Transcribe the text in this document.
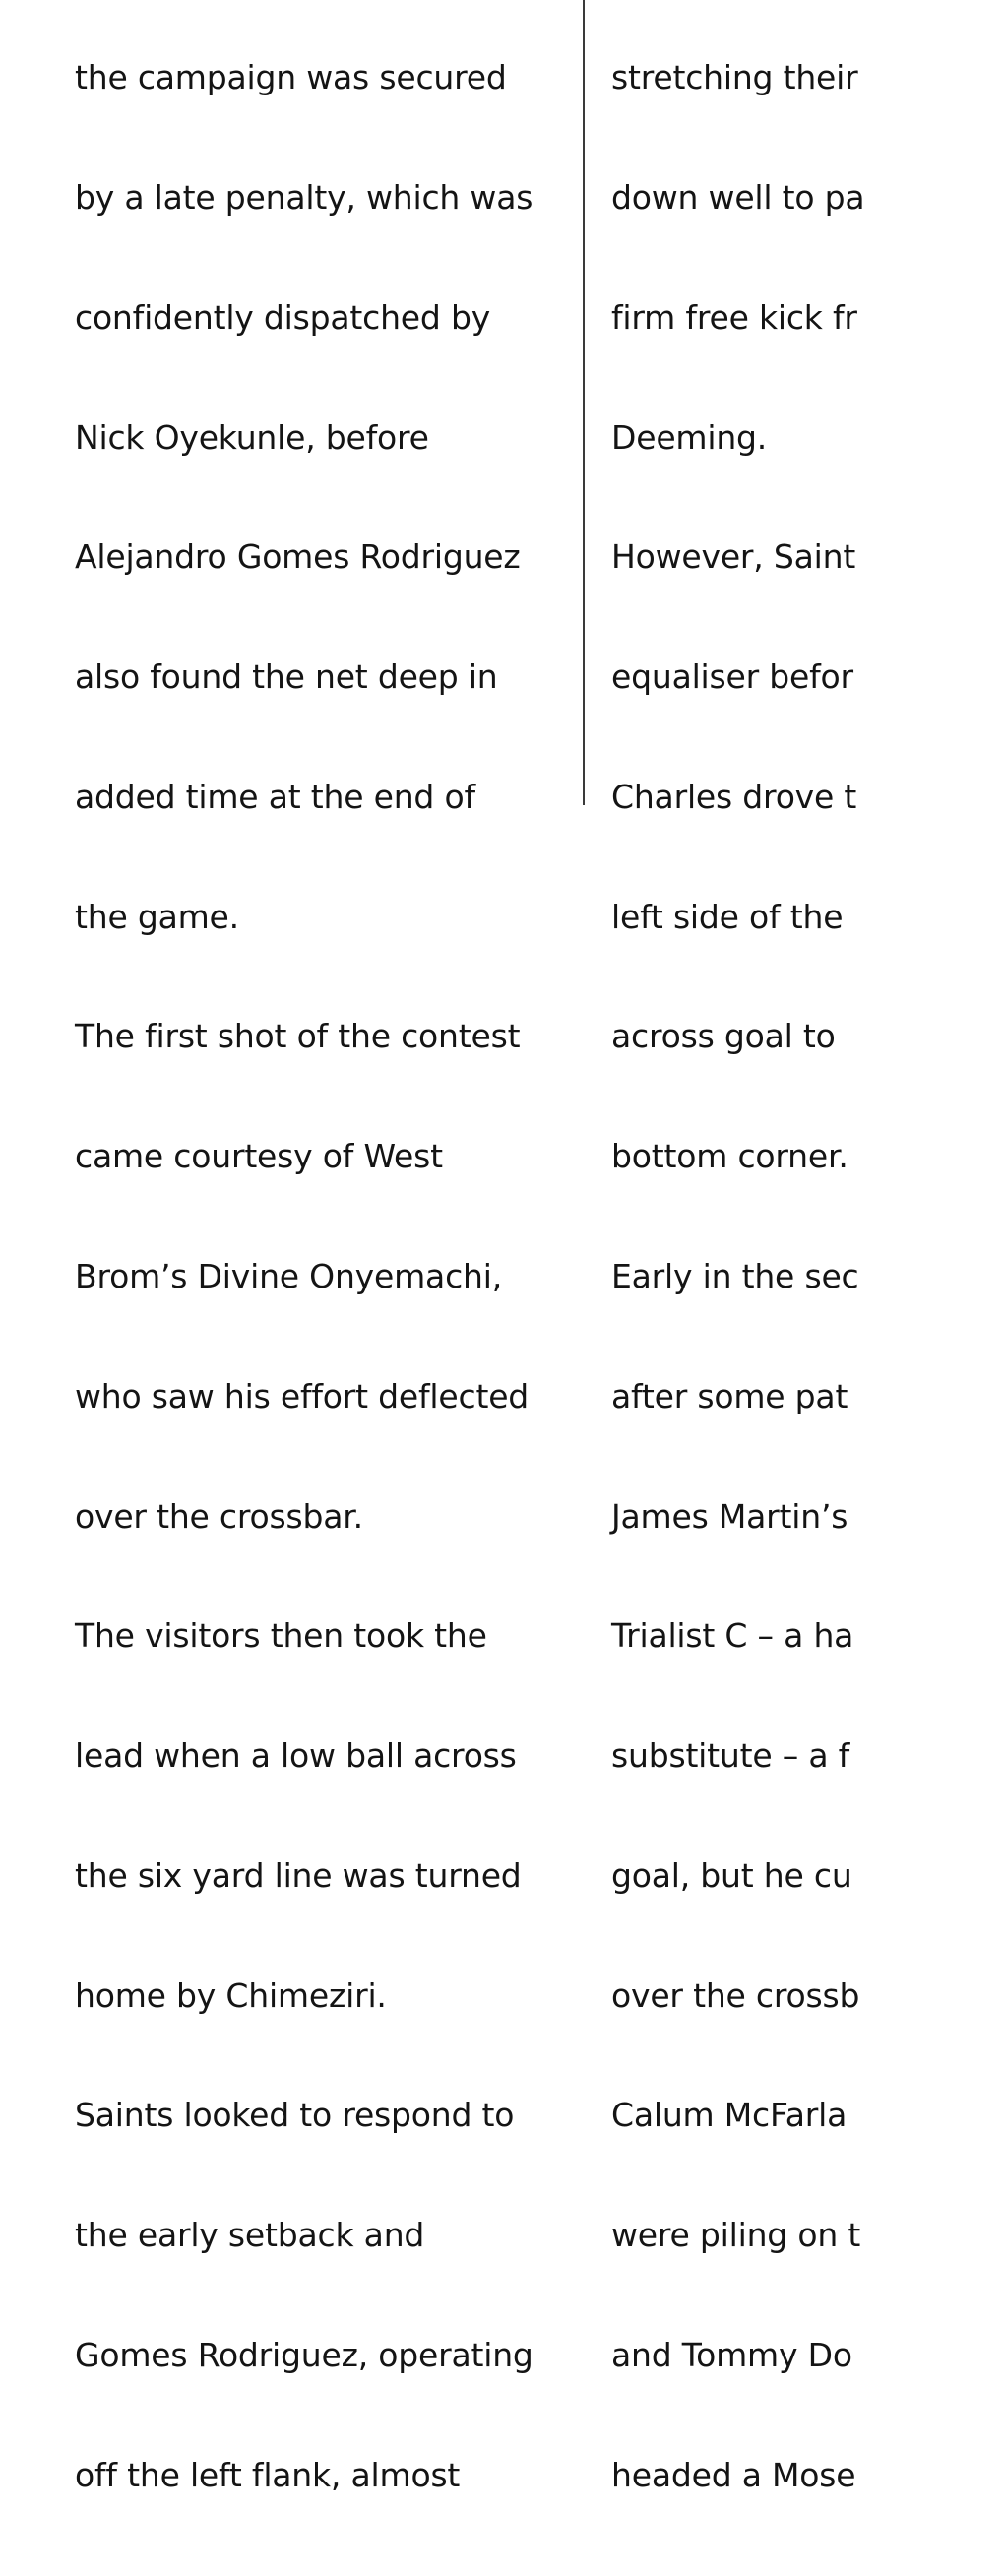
the campaign was secured

by a late penalty, which was

confidently dispatched by

Nick Oyekunle, before

Alejandro Gomes Rodriguez

also found the net deep in

added time at the end of

the game.

The first shot of the contest

came courtesy of West

Brom’s Divine Onyemachi,

who saw his effort deflected

over the crossbar.

The visitors then took the

lead when a low ball across

the six yard line was turned

home by Chimeziri.

Saints looked to respond to

the early setback and

Gomes Rodriguez, operating

off the left flank, almost

stretching their

down well to pa

firm free kick fr

Deeming.

However, Saint

equaliser befor

Charles drove t

left side of the

across goal to

bottom corner.

Early in the sec

after some pat

James Martin’s

Trialist C – a ha

substitute – a f

goal, but he cu

over the crossb

Calum McFarla

were piling on t

and Tommy Do

headed a Mose
